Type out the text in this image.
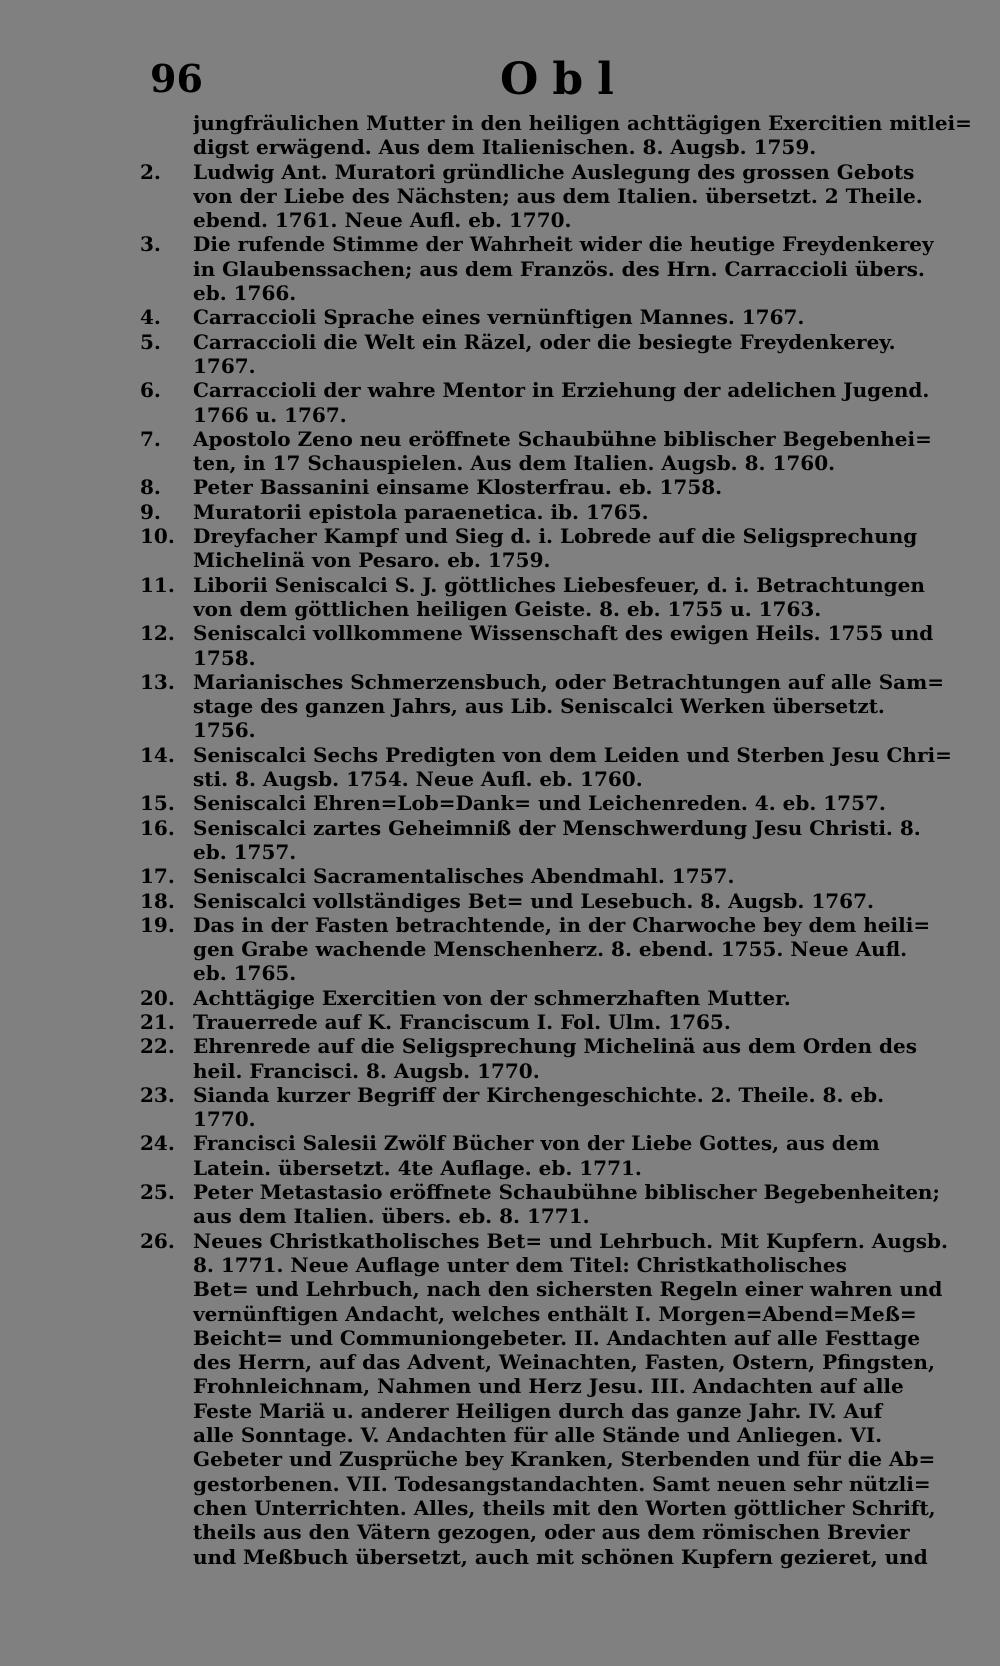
96	Obl
jungfräulichen Mutter in den heiligen achttägigen Exercitien mitlei=
digst erwägend. Aus dem Italienischen. 8. Augsb. 1759.
2.	Ludwig Ant. Muratori gründliche Auslegung des grossen Gebots
von der Liebe des Nächsten; aus dem Italien. übersetzt. 2 Theile.
ebend. 1761. Neue Aufl. eb. 1770.
3.	Die rufende Stimme der Wahrheit wider die heutige Freydenkerey
in Glaubenssachen; aus dem Französ. des Hrn. Carraccioli übers.
eb. 1766.
4.	Carraccioli Sprache eines vernünftigen Mannes. 1767.
5.	Carraccioli die Welt ein Räzel, oder die besiegte Freydenkerey.
1767.
6.	Carraccioli der wahre Mentor in Erziehung der adelichen Jugend.
1766 u. 1767.
7.	Apostolo Zeno neu eröffnete Schaubühne biblischer Begebenhei=
ten, in 17 Schauspielen. Aus dem Italien. Augsb. 8. 1760.
8.	Peter Bassanini einsame Klosterfrau. eb. 1758.
9.	Muratorii epistola paraenetica. ib. 1765.
10. Dreyfacher Kampf und Sieg d. i. Lobrede auf die Seligsprechung
Michelinä von Pesaro. eb. 1759.
11. Liborii Seniscalci S. J. göttliches Liebesfeuer, d. i. Betrachtungen
von dem göttlichen heiligen Geiste. 8. eb. 1755 u. 1763.
12. Seniscalci vollkommene Wissenschaft des ewigen Heils. 1755 und
1758.
13. Marianisches Schmerzensbuch, oder Betrachtungen auf alle Sam=
stage des ganzen Jahrs, aus Lib. Seniscalci Werken übersetzt.
1756.
14. Seniscalci Sechs Predigten von dem Leiden und Sterben Jesu Chri=
sti. 8. Augsb. 1754. Neue Aufl. eb. 1760.
15. Seniscalci Ehren=Lob=Dank= und Leichenreden. 4. eb. 1757.
16. Seniscalci zartes Geheimniß der Menschwerdung Jesu Christi. 8.
eb. 1757.
17. Seniscalci Sacramentalisches Abendmahl. 1757.
18. Seniscalci vollständiges Bet= und Lesebuch. 8. Augsb. 1767.
19. Das in der Fasten betrachtende, in der Charwoche bey dem heili=
gen Grabe wachende Menschenherz. 8. ebend. 1755. Neue Aufl.
eb. 1765.
20. Achttägige Exercitien von der schmerzhaften Mutter.
21. Trauerrede auf K. Franciscum I. Fol. Ulm. 1765.
22. Ehrenrede auf die Seligsprechung Michelinä aus dem Orden des
heil. Francisci. 8. Augsb. 1770.
23. Sianda kurzer Begriff der Kirchengeschichte. 2. Theile. 8. eb.
1770.
24. Francisci Salesii Zwölf Bücher von der Liebe Gottes, aus dem
Latein. übersetzt. 4te Auflage. eb. 1771.
25. Peter Metastasio eröffnete Schaubühne biblischer Begebenheiten;
aus dem Italien. übers. eb. 8. 1771.
26. Neues Christkatholisches Bet= und Lehrbuch. Mit Kupfern. Augsb.
8. 1771. Neue Auflage unter dem Titel: Christkatholisches
Bet= und Lehrbuch, nach den sichersten Regeln einer wahren und
vernünftigen Andacht, welches enthält I. Morgen=Abend=Meß=
Beicht= und Communiongebeter. II. Andachten auf alle Festtage
des Herrn, auf das Advent, Weinachten, Fasten, Ostern, Pfingsten,
Frohnleichnam, Nahmen und Herz Jesu. III. Andachten auf alle
Feste Mariä u. anderer Heiligen durch das ganze Jahr. IV. Auf
alle Sonntage. V. Andachten für alle Stände und Anliegen. VI.
Gebeter und Zusprüche bey Kranken, Sterbenden und für die Ab=
gestorbenen. VII. Todesangstandachten. Samt neuen sehr nützli=
chen Unterrichten. Alles, theils mit den Worten göttlicher Schrift,
theils aus den Vätern gezogen, oder aus dem römischen Brevier
und Meßbuch übersetzt, auch mit schönen Kupfern gezieret, und
